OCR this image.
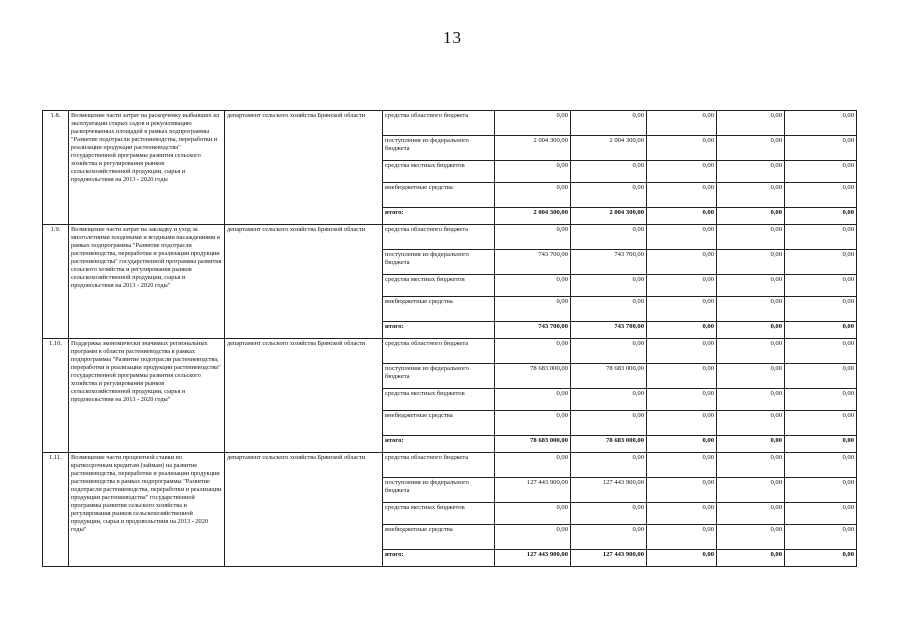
13
1.8.	Возмещение части затрат на раскорчевку выбывших из эксплуатации старых садов и рекультивацию раскорчеванных площадей в рамках подпрограммы "Развитие подотрасли растениеводства, переработки и реализации продукции растениеводства" государственной программы развития сельского хозяйства и регулирования рынков сельскохозяйственной продукции, сырья и продовольствия на 2013 - 2020 годы	департамент сельского хозяйства Брянской области	средства областного бюджета	0,00	0,00	0,00	0,00	0,00
			поступления из федерального бюджета	2 004 300,00	2 004 300,00	0,00	0,00	0,00
			средства местных бюджетов	0,00	0,00	0,00	0,00	0,00
			внебюджетные средства	0,00	0,00	0,00	0,00	0,00
			итого:	2 004 300,00	2 004 300,00	0,00	0,00	0,00
1.9.	Возмещение части затрат на закладку и уход за многолетними плодовыми и ягодными насаждениями в рамках подпрограммы "Развитие подотрасли растениеводства, переработки и реализации продукции растениеводства" государственной программы развития сельского хозяйства и регулирования рынков сельскохозяйственной продукции, сырья и продовольствия на 2013 - 2020 годы"	департамент сельского хозяйства Брянской области	средства областного бюджета	0,00	0,00	0,00	0,00	0,00
			поступления из федерального бюджета	743 700,00	743 700,00	0,00	0,00	0,00
			средства местных бюджетов	0,00	0,00	0,00	0,00	0,00
			внебюджетные средства	0,00	0,00	0,00	0,00	0,00
			итого:	743 700,00	743 700,00	0,00	0,00	0,00
1.10.	Поддержка экономически значимых региональных программ в области растениеводства в рамках подпрограммы "Развитие подотрасли растениеводства, переработки и реализации продукции растениеводства" государственной программы развития сельского хозяйства и регулирования рынков сельскохозяйственной продукции, сырья и продовольствия на 2013 - 2020 годы"	департамент сельского хозяйства Брянской области	средства областного бюджета	0,00	0,00	0,00	0,00	0,00
			поступления из федерального бюджета	78 683 000,00	78 683 000,00	0,00	0,00	0,00
			средства местных бюджетов	0,00	0,00	0,00	0,00	0,00
			внебюджетные средства	0,00	0,00	0,00	0,00	0,00
			итого:	78 683 000,00	78 683 000,00	0,00	0,00	0,00
1.11.	Возмещение части процентной ставки по краткосрочным кредитам (займам) на развитие растениеводства, переработки и реализации продукции растениеводства в рамках подпрограммы "Развитие подотрасли растениеводства, переработки и реализации продукции растениеводства" государственной программы развития сельского хозяйства и регулирования рынков сельскохозяйственной продукции, сырья и продовольствия на 2013 - 2020 годы"	департамент сельского хозяйства Брянской области	средства областного бюджета	0,00	0,00	0,00	0,00	0,00
			поступления из федерального бюджета	127 443 900,00	127 443 900,00	0,00	0,00	0,00
			средства местных бюджетов	0,00	0,00	0,00	0,00	0,00
			внебюджетные средства	0,00	0,00	0,00	0,00	0,00
			итого:	127 443 900,00	127 443 900,00	0,00	0,00	0,00
